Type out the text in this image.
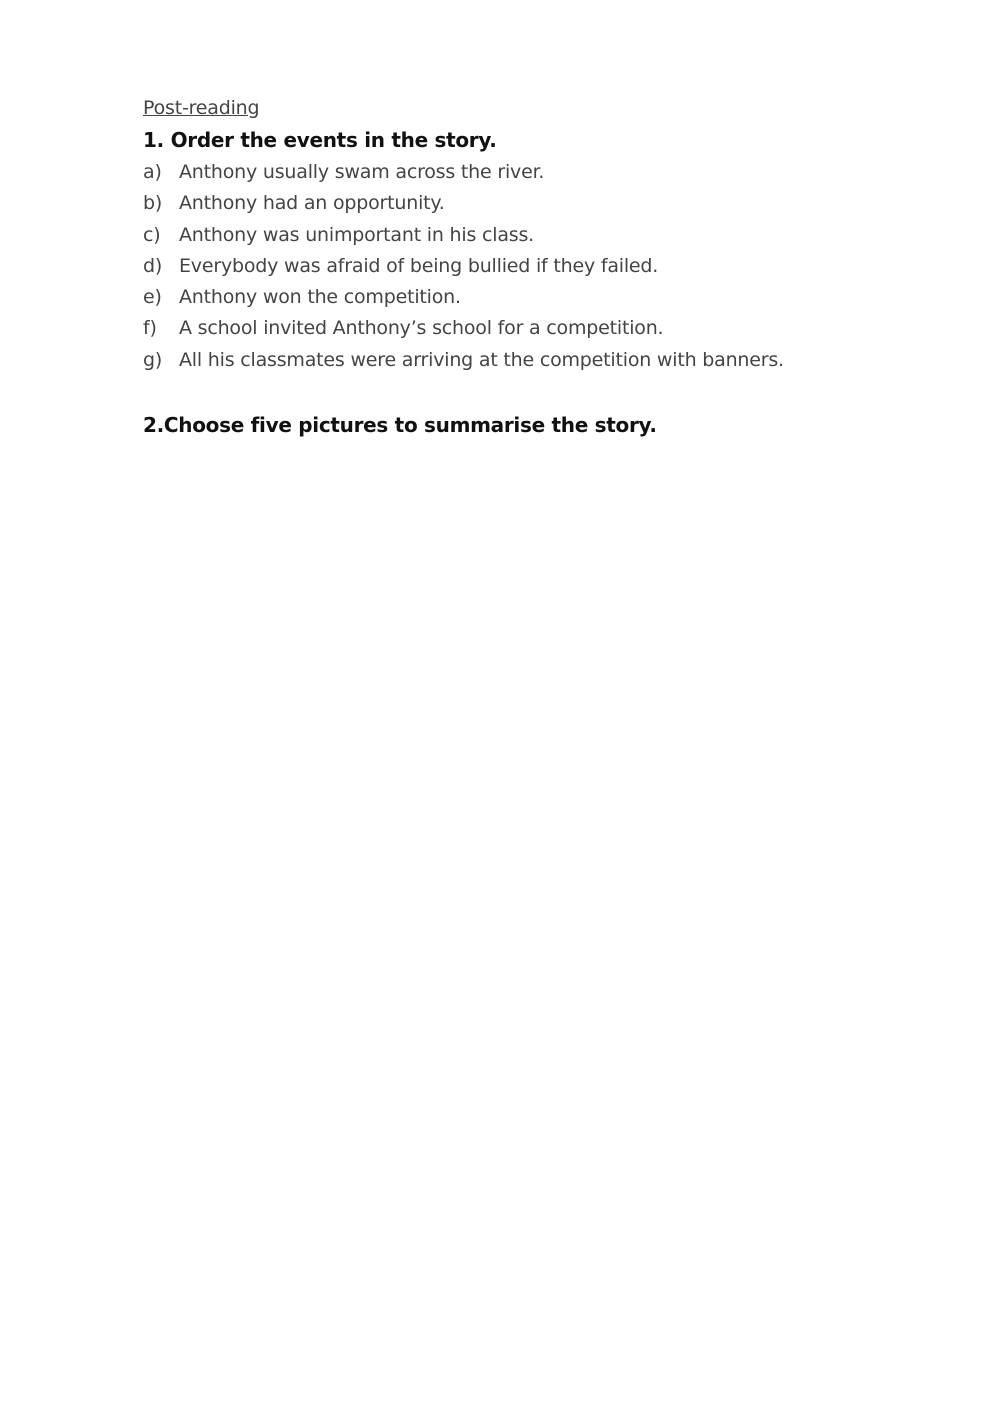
Post-reading
1. Order the events in the story.
a) Anthony usually swam across the river.
b) Anthony had an opportunity.
c) Anthony was unimportant in his class.
d) Everybody was afraid of being bullied if they failed.
e) Anthony won the competition.
f)	A school invited Anthony’s school for a competition.
g) All his classmates were arriving at the competition with banners.
2.Choose five pictures to summarise the story.
